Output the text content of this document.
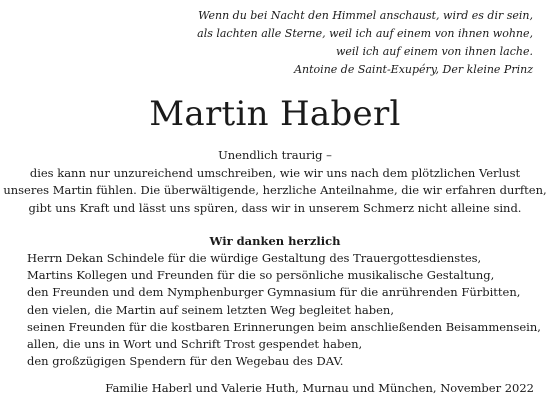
Wenn du bei Nacht den Himmel anschaust, wird es dir sein,
als lachten alle Sterne, weil ich auf einem von ihnen wohne,
weil ich auf einem von ihnen lache.
Antoine de Saint-Exupéry, Der kleine Prinz
Martin Haberl
Unendlich traurig –
dies kann nur unzureichend umschreiben, wie wir uns nach dem plötzlichen Verlust
unseres Martin fühlen. Die überwältigende, herzliche Anteilnahme, die wir erfahren durften,
gibt uns Kraft und lässt uns spüren, dass wir in unserem Schmerz nicht alleine sind.
Wir danken herzlich
Herrn Dekan Schindele für die würdige Gestaltung des Trauergottesdienstes,
Martins Kollegen und Freunden für die so persönliche musikalische Gestaltung,
den Freunden und dem Nymphenburger Gymnasium für die anrührenden Fürbitten,
den vielen, die Martin auf seinem letzten Weg begleitet haben,
seinen Freunden für die kostbaren Erinnerungen beim anschließenden Beisammensein,
allen, die uns in Wort und Schrift Trost gespendet haben,
den großzügigen Spendern für den Wegebau des DAV.
Familie Haberl und Valerie Huth, Murnau und München, November 2022
